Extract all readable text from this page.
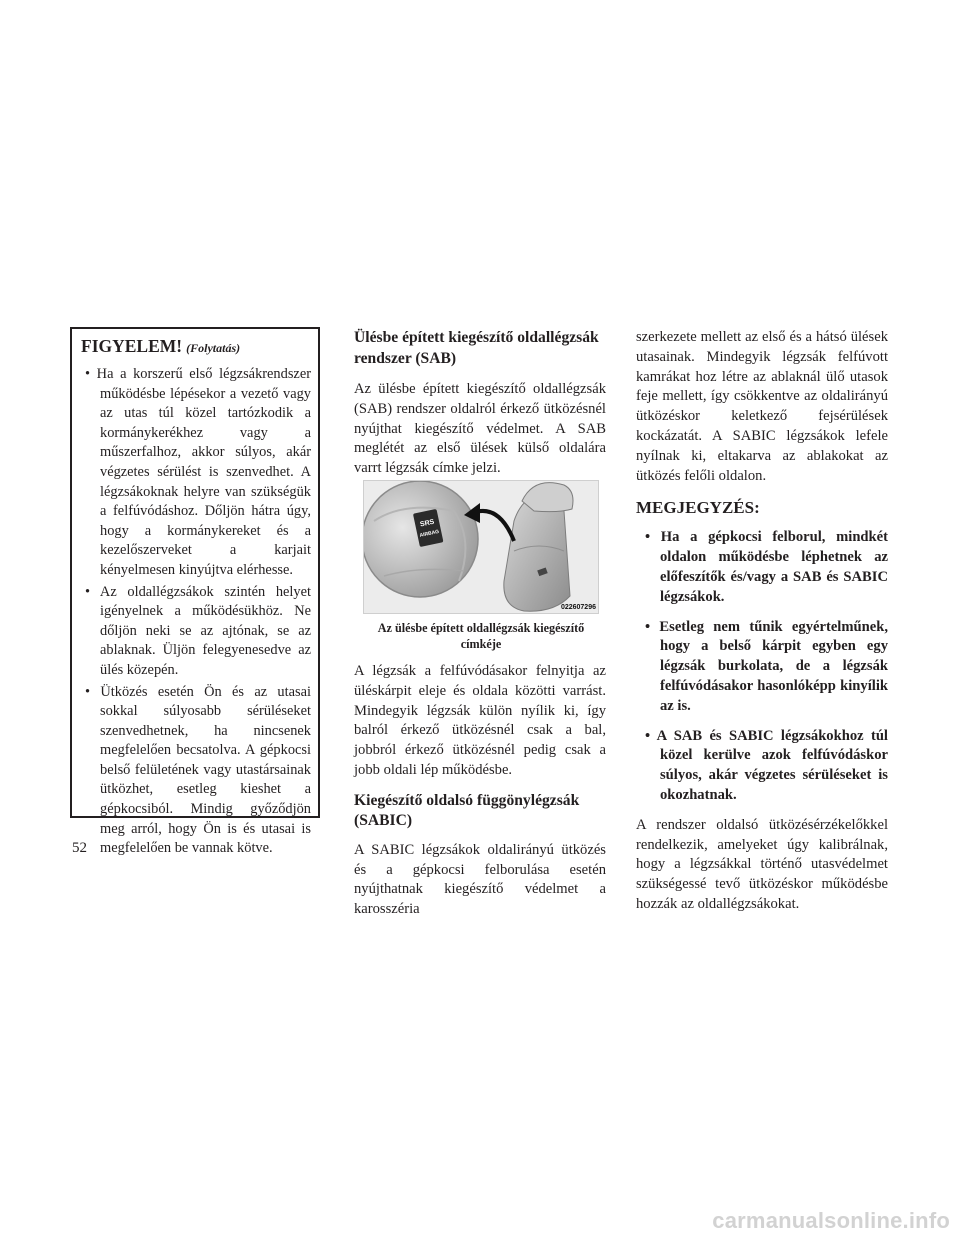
FIGYELEM! (Folytatás)
• Ha a korszerű első légzsákrendszer működésbe lépésekor a vezető vagy az utas túl közel tartózkodik a kormánykerékhez vagy a műszerfalhoz, akkor súlyos, akár végzetes sérülést is szenvedhet. A légzsákoknak helyre van szükségük a felfúvódáshoz. Dőljön hátra úgy, hogy a kormánykereket és a kezelőszerveket a karjait kényelmesen kinyújtva elérhesse.
• Az oldallégzsákok szintén helyet igényelnek a működésükhöz. Ne dőljön neki se az ajtónak, se az ablaknak. Üljön felegyenesedve az ülés közepén.
• Ütközés esetén Ön és az utasai sokkal súlyosabb sérüléseket szenvedhetnek, ha nincsenek megfelelően becsatolva. A gépkocsi belső felületének vagy utastársainak ütközhet, esetleg kieshet a gépkocsiból. Mindig győződjön meg arról, hogy Ön is és utasai is megfelelően be vannak kötve.
Ülésbe épített kiegészítő oldallégzsák rendszer (SAB)

Az ülésbe épített kiegészítő oldallégzsák (SAB) rendszer oldalról érkező ütközésnél nyújthat kiegészítő védelmet. A SAB meglétét az első ülések külső oldalára varrt légzsák címke jelzi.

SRS
AIRBAG
022607296
Az ülésbe épített oldallégzsák kiegészítő címkéje

A légzsák a felfúvódásakor felnyitja az üléskárpit eleje és oldala közötti varrást. Mindegyik légzsák külön nyílik ki, így balról érkező ütközésnél csak a bal, jobbról érkező ütközésnél pedig csak a jobb oldali lép működésbe.

Kiegészítő oldalsó függönylégzsák (SABIC)

A SABIC légzsákok oldalirányú ütközés és a gépkocsi felborulása esetén nyújthatnak kiegészítő védelmet a karosszéria

szerkezete mellett az első és a hátsó ülések utasainak. Mindegyik légzsák felfúvott kamrákat hoz létre az ablaknál ülő utasok feje mellett, így csökkentve az oldalirányú ütközéskor keletkező fejsérülések kockázatát. A SABIC légzsákok lefele nyílnak ki, eltakarva az ablakokat az ütközés felőli oldalon.

MEGJEGYZÉS:
• Ha a gépkocsi felborul, mindkét oldalon működésbe léphetnek az előfeszítők és/vagy a SAB és SABIC légzsákok.
• Esetleg nem tűnik egyértelműnek, hogy a belső kárpit egyben egy légzsák burkolata, de a légzsák felfúvódásakor hasonlóképp kinyílik az is.
• A SAB és SABIC légzsákokhoz túl közel kerülve azok felfúvódáskor súlyos, akár végzetes sérüléseket is okozhatnak.

A rendszer oldalsó ütközésérzékelőkkel rendelkezik, amelyeket úgy kalibrálnak, hogy a légzsákkal történő utasvédelmet szükségessé tevő ütközéskor működésbe hozzák az oldallégzsákokat.

52
carmanualsonline.info
